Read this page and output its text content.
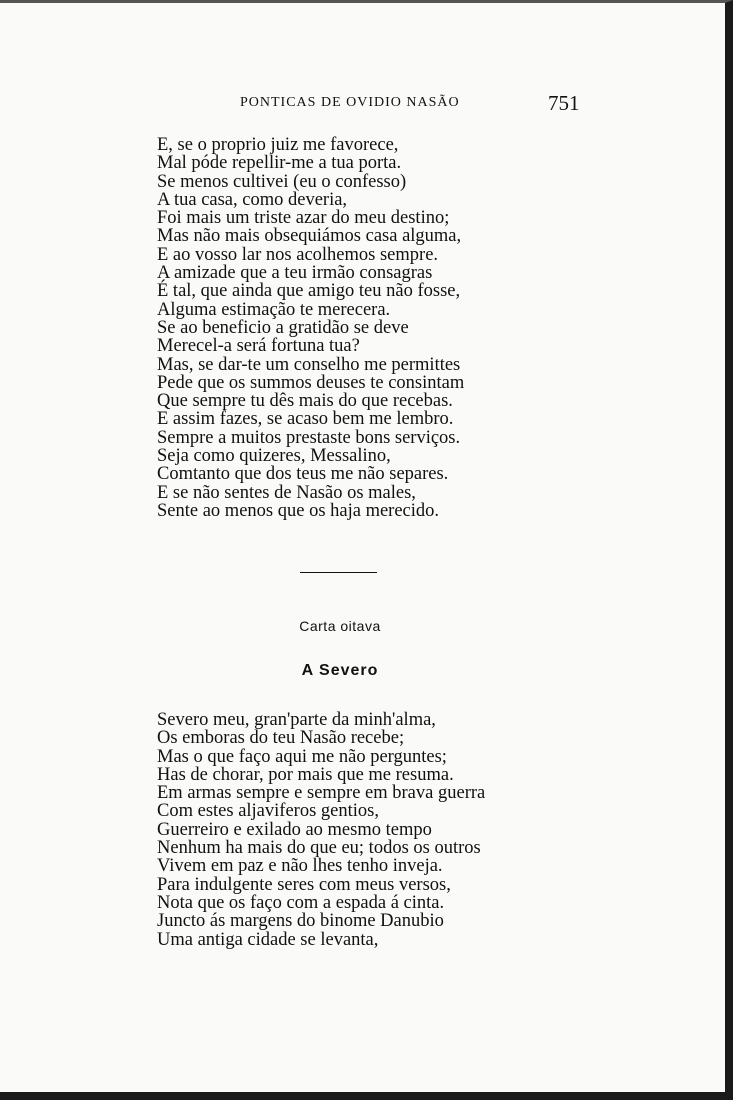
PONTICAS DE OVIDIO NASÃO	751
E, se o proprio juiz me favorece,
Mal póde repellir-me a tua porta.
Se menos cultivei (eu o confesso)
A tua casa, como deveria,
Foi mais um triste azar do meu destino;
Mas não mais obsequiámos casa alguma,
E ao vosso lar nos acolhemos sempre.
A amizade que a teu irmão consagras
É tal, que ainda que amigo teu não fosse,
Alguma estimação te merecera.
Se ao beneficio a gratidão se deve
Merecel-a será fortuna tua?
Mas, se dar-te um conselho me permittes
Pede que os summos deuses te consintam
Que sempre tu dês mais do que recebas.
E assim fazes, se acaso bem me lembro.
Sempre a muitos prestaste bons serviços.
Seja como quizeres, Messalino,
Comtanto que dos teus me não separes.
E se não sentes de Nasão os males,
Sente ao menos que os haja merecido.
Carta oitava
A Severo
Severo meu, gran'parte da minh'alma,
Os emboras do teu Nasão recebe;
Mas o que faço aqui me não perguntes;
Has de chorar, por mais que me resuma.
Em armas sempre e sempre em brava guerra
Com estes aljaviferos gentios,
Guerreiro e exilado ao mesmo tempo
Nenhum ha mais do que eu; todos os outros
Vivem em paz e não lhes tenho inveja.
Para indulgente seres com meus versos,
Nota que os faço com a espada á cinta.
Juncto ás margens do binome Danubio
Uma antiga cidade se levanta,
